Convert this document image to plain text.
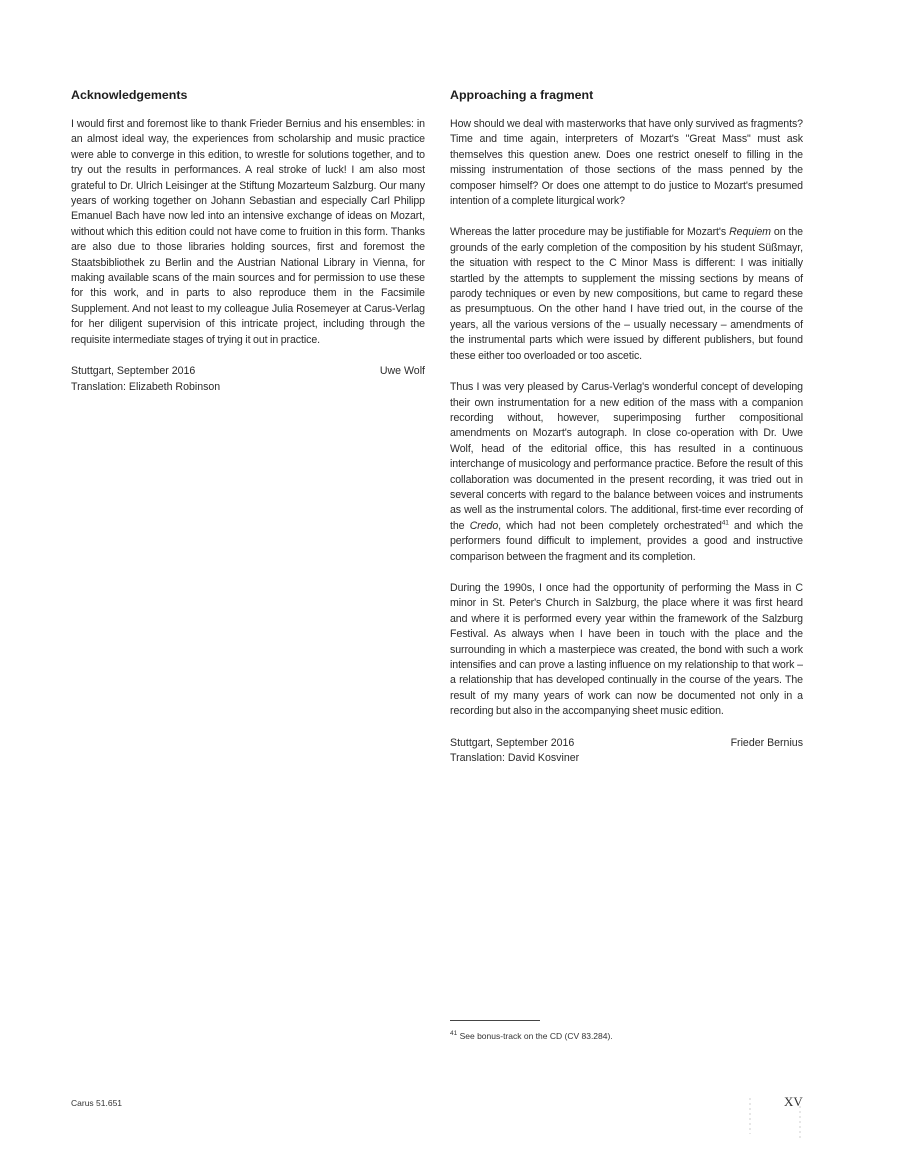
Acknowledgements

I would first and foremost like to thank Frieder Bernius and his ensembles: in an almost ideal way, the experiences from scholarship and music practice were able to converge in this edition, to wrestle for solutions together, and to try out the results in performances. A real stroke of luck! I am also most grateful to Dr. Ulrich Leisinger at the Stiftung Mozarteum Salzburg. Our many years of working together on Johann Sebastian and especially Carl Philipp Emanuel Bach have now led into an intensive exchange of ideas on Mozart, without which this edition could not have come to fruition in this form. Thanks are also due to those libraries holding sources, first and foremost the Staatsbibliothek zu Berlin and the Austrian National Library in Vienna, for making available scans of the main sources and for permission to use these for this work, and in parts to also reproduce them in the Facsimile Supplement. And not least to my colleague Julia Rosemeyer at Carus-Verlag for her diligent supervision of this intricate project, including through the requisite intermediate stages of trying it out in practice.

Stuttgart, September 2016	Uwe Wolf
Translation: Elizabeth Robinson
Approaching a fragment

How should we deal with masterworks that have only survived as fragments? Time and time again, interpreters of Mozart's "Great Mass" must ask themselves this question anew. Does one restrict oneself to filling in the missing instrumentation of those sections of the mass penned by the composer himself? Or does one attempt to do justice to Mozart's presumed intention of a complete liturgical work?

Whereas the latter procedure may be justifiable for Mozart's Requiem on the grounds of the early completion of the composition by his student Süßmayr, the situation with respect to the C Minor Mass is different: I was initially startled by the attempts to supplement the missing sections by means of parody techniques or even by new compositions, but came to regard these as presumptuous. On the other hand I have tried out, in the course of the years, all the various versions of the – usually necessary – amendments of the instrumental parts which were issued by different publishers, but found these either too overloaded or too ascetic.

Thus I was very pleased by Carus-Verlag's wonderful concept of developing their own instrumentation for a new edition of the mass with a companion recording without, however, superimposing further compositional amendments on Mozart's autograph. In close co-operation with Dr. Uwe Wolf, head of the editorial office, this has resulted in a continuous interchange of musicology and performance practice. Before the result of this collaboration was documented in the present recording, it was tried out in several concerts with regard to the balance between voices and instruments as well as the instrumental colors. The additional, first-time ever recording of the Credo, which had not been completely orchestrated$^{41}$ and which the performers found difficult to implement, provides a good and instructive comparison between the fragment and its completion.

During the 1990s, I once had the opportunity of performing the Mass in C minor in St. Peter's Church in Salzburg, the place where it was first heard and where it is performed every year within the framework of the Salzburg Festival. As always when I have been in touch with the place and the surrounding in which a masterpiece was created, the bond with such a work intensifies and can prove a lasting influence on my relationship to that work – a relationship that has developed continually in the course of the years. The result of my many years of work can now be documented not only in a recording but also in the accompanying sheet music edition.

Stuttgart, September 2016	Frieder Bernius
Translation: David Kosviner
$^{41}$ See bonus-track on the CD (CV 83.284).
Carus 51.651	XV
